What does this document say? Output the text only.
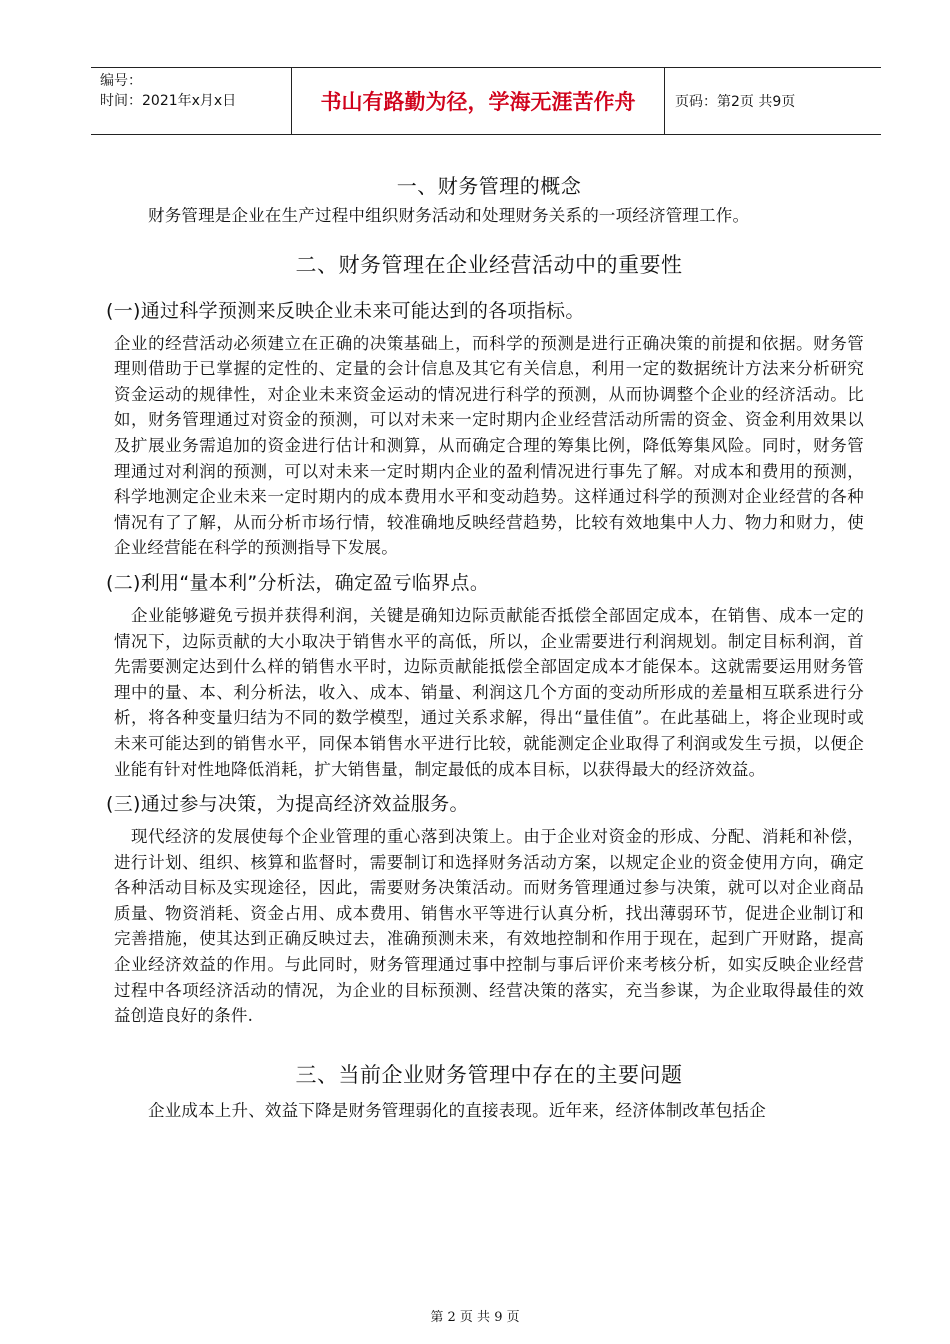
编号：
时间：2021年x月x日	书山有路勤为径，学海无涯苦作舟	页码：第2页 共9页
一、财务管理的概念

财务管理是企业在生产过程中组织财务活动和处理财务关系的一项经济管理工作。

二、财务管理在企业经营活动中的重要性
(一)通过科学预测来反映企业未来可能达到的各项指标。

企业的经营活动必须建立在正确的决策基础上，而科学的预测是进行正确决策的前提和依据。财务管理则借助于已掌握的定性的、定量的会计信息及其它有关信息，利用一定的数据统计方法来分析研究资金运动的规律性，对企业未来资金运动的情况进行科学的预测，从而协调整个企业的经济活动。比如，财务管理通过对资金的预测，可以对未来一定时期内企业经营活动所需的资金、资金利用效果以及扩展业务需追加的资金进行估计和测算，从而确定合理的筹集比例，降低筹集风险。同时，财务管理通过对利润的预测，可以对未来一定时期内企业的盈利情况进行事先了解。对成本和费用的预测，科学地测定企业未来一定时期内的成本费用水平和变动趋势。这样通过科学的预测对企业经营的各种情况有了了解，从而分析市场行情，较准确地反映经营趋势，比较有效地集中人力、物力和财力，使企业经营能在科学的预测指导下发展。

(二)利用“量本利”分析法，确定盈亏临界点。

企业能够避免亏损并获得利润，关键是确知边际贡献能否抵偿全部固定成本，在销售、成本一定的情况下，边际贡献的大小取决于销售水平的高低，所以，企业需要进行利润规划。制定目标利润，首先需要测定达到什么样的销售水平时，边际贡献能抵偿全部固定成本才能保本。这就需要运用财务管理中的量、本、利分析法，收入、成本、销量、利润这几个方面的变动所形成的差量相互联系进行分析，将各种变量归结为不同的数学模型，通过关系求解，得出“量佳值”。在此基础上，将企业现时或未来可能达到的销售水平，同保本销售水平进行比较，就能测定企业取得了利润或发生亏损，以便企业能有针对性地降低消耗，扩大销售量，制定最低的成本目标，以获得最大的经济效益。

(三)通过参与决策，为提高经济效益服务。

现代经济的发展使每个企业管理的重心落到决策上。由于企业对资金的形成、分配、消耗和补偿，进行计划、组织、核算和监督时，需要制订和选择财务活动方案，以规定企业的资金使用方向，确定各种活动目标及实现途径，因此，需要财务决策活动。而财务管理通过参与决策，就可以对企业商品质量、物资消耗、资金占用、成本费用、销售水平等进行认真分析，找出薄弱环节，促进企业制订和完善措施，使其达到正确反映过去，准确预测未来，有效地控制和作用于现在，起到广开财路，提高企业经济效益的作用。与此同时，财务管理通过事中控制与事后评价来考核分析，如实反映企业经营过程中各项经济活动的情况，为企业的目标预测、经营决策的落实，充当参谋，为企业取得最佳的效益创造良好的条件.

三、当前企业财务管理中存在的主要问题

企业成本上升、效益下降是财务管理弱化的直接表现。近年来，经济体制改革包括企

第 2 页 共 9 页
